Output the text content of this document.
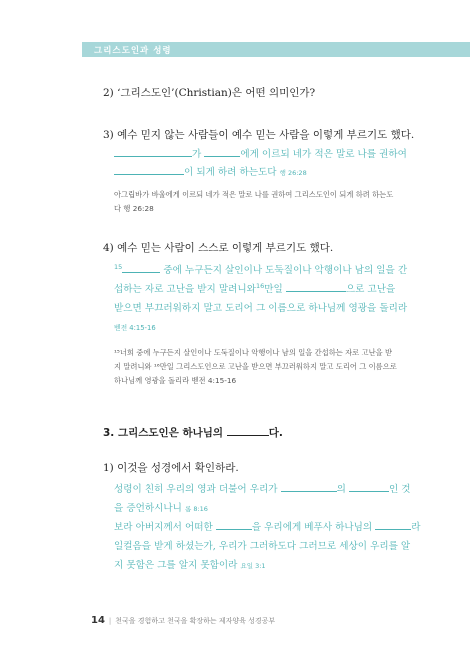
그리스도인과 성령
2) ‘그리스도인’(Christian)은 어떤 의미인가?
3) 예수 믿지 않는 사람들이 예수 믿는 사람을 이렇게 부르기도 했다.
가	에게 이르되 네가 적은 말로 나를 권하여
이 되게 하려 하는도다 행 26:28
아그립바가 바울에게 이르되 네가 적은 말로 나를 권하여 그리스도인이 되게 하려 하는도
다 행 26:28
4) 예수 믿는 사람이 스스로 이렇게 부르기도 했다.
$^{15}$	중에 누구든지 살인이나 도둑질이나 악행이나 남의 일을 간
섭하는 자로 고난을 받지 말려니와$^{16}$만일	으로 고난을
받으면 부끄러워하지 말고 도리어 그 이름으로 하나님께 영광을 돌리라
벧전 4:15-16
¹⁵너희 중에 누구든지 살인이나 도둑질이나 악행이나 남의 일을 간섭하는 자로 고난을 받
지 말려니와 ¹⁶만일 그리스도인으로 고난을 받으면 부끄러워하지 말고 도리어 그 이름으로
하나님께 영광을 돌리라 벧전 4:15-16
3. 그리스도인은 하나님의	다.
1) 이것을 성경에서 확인하라.
성령이 친히 우리의 영과 더불어 우리가	의	인 것
을 증언하시나니 롬 8:16
보라 아버지께서 어떠한	을 우리에게 베푸사 하나님의	라
일컬음을 받게 하셨는가, 우리가 그러하도다 그러므로 세상이 우리를 알
지 못함은 그를 알지 못함이라 요일 3:1
14 | 천국을 경험하고 천국을 확장하는 제자양육 성경공부
